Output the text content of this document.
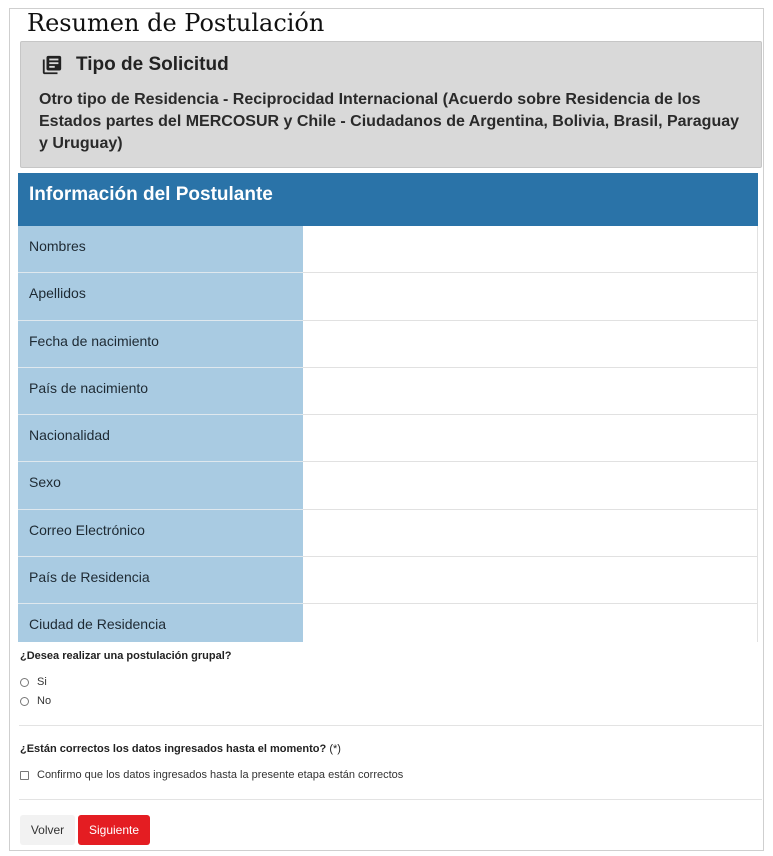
Resumen de Postulación
Tipo de Solicitud
Otro tipo de Residencia - Reciprocidad Internacional (Acuerdo sobre Residencia de los Estados partes del MERCOSUR y Chile - Ciudadanos de Argentina, Bolivia, Brasil, Paraguay y Uruguay)
Información del Postulante
Nombres
Apellidos
Fecha de nacimiento
País de nacimiento
Nacionalidad
Sexo
Correo Electrónico
País de Residencia
Ciudad de Residencia
¿Desea realizar una postulación grupal?
Si
No
¿Están correctos los datos ingresados hasta el momento? (*)
Confirmo que los datos ingresados hasta la presente etapa están correctos
Volver	Siguiente
